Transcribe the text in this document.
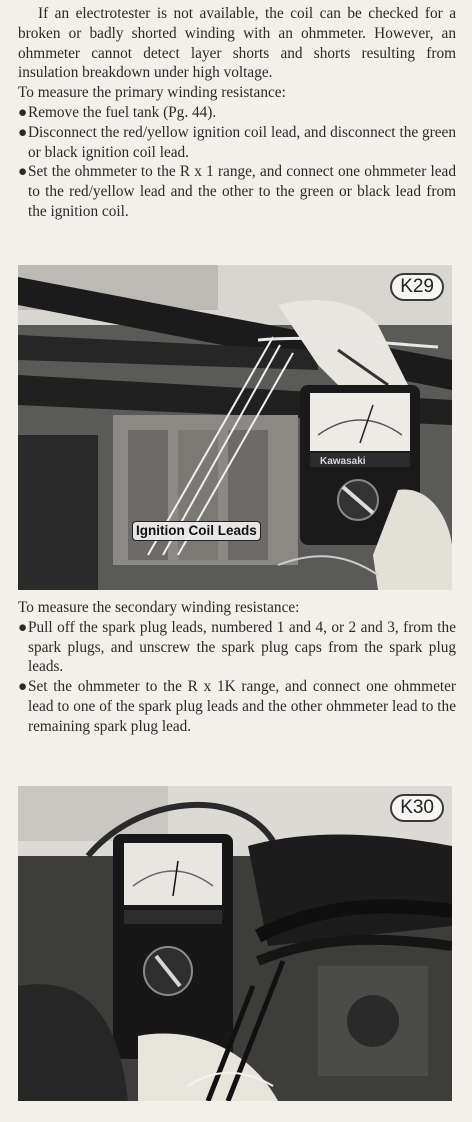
If an electrotester is not available, the coil can be checked for a broken or badly shorted winding with an ohmmeter. However, an ohmmeter cannot detect layer shorts and shorts resulting from insulation breakdown under high voltage.

To measure the primary winding resistance:

● Remove the fuel tank (Pg. 44).

● Disconnect the red/yellow ignition coil lead, and disconnect the green or black ignition coil lead.

● Set the ohmmeter to the R x 1 range, and connect one ohmmeter lead to the red/yellow lead and the other to the green or black lead from the ignition coil.

Kawasaki
K29
Ignition Coil Leads

To measure the secondary winding resistance:

● Pull off the spark plug leads, numbered 1 and 4, or 2 and 3, from the spark plugs, and unscrew the spark plug caps from the spark plug leads.

● Set the ohmmeter to the R x 1K range, and connect one ohmmeter lead to one of the spark plug leads and the other ohmmeter lead to the remaining spark plug lead.

K30
